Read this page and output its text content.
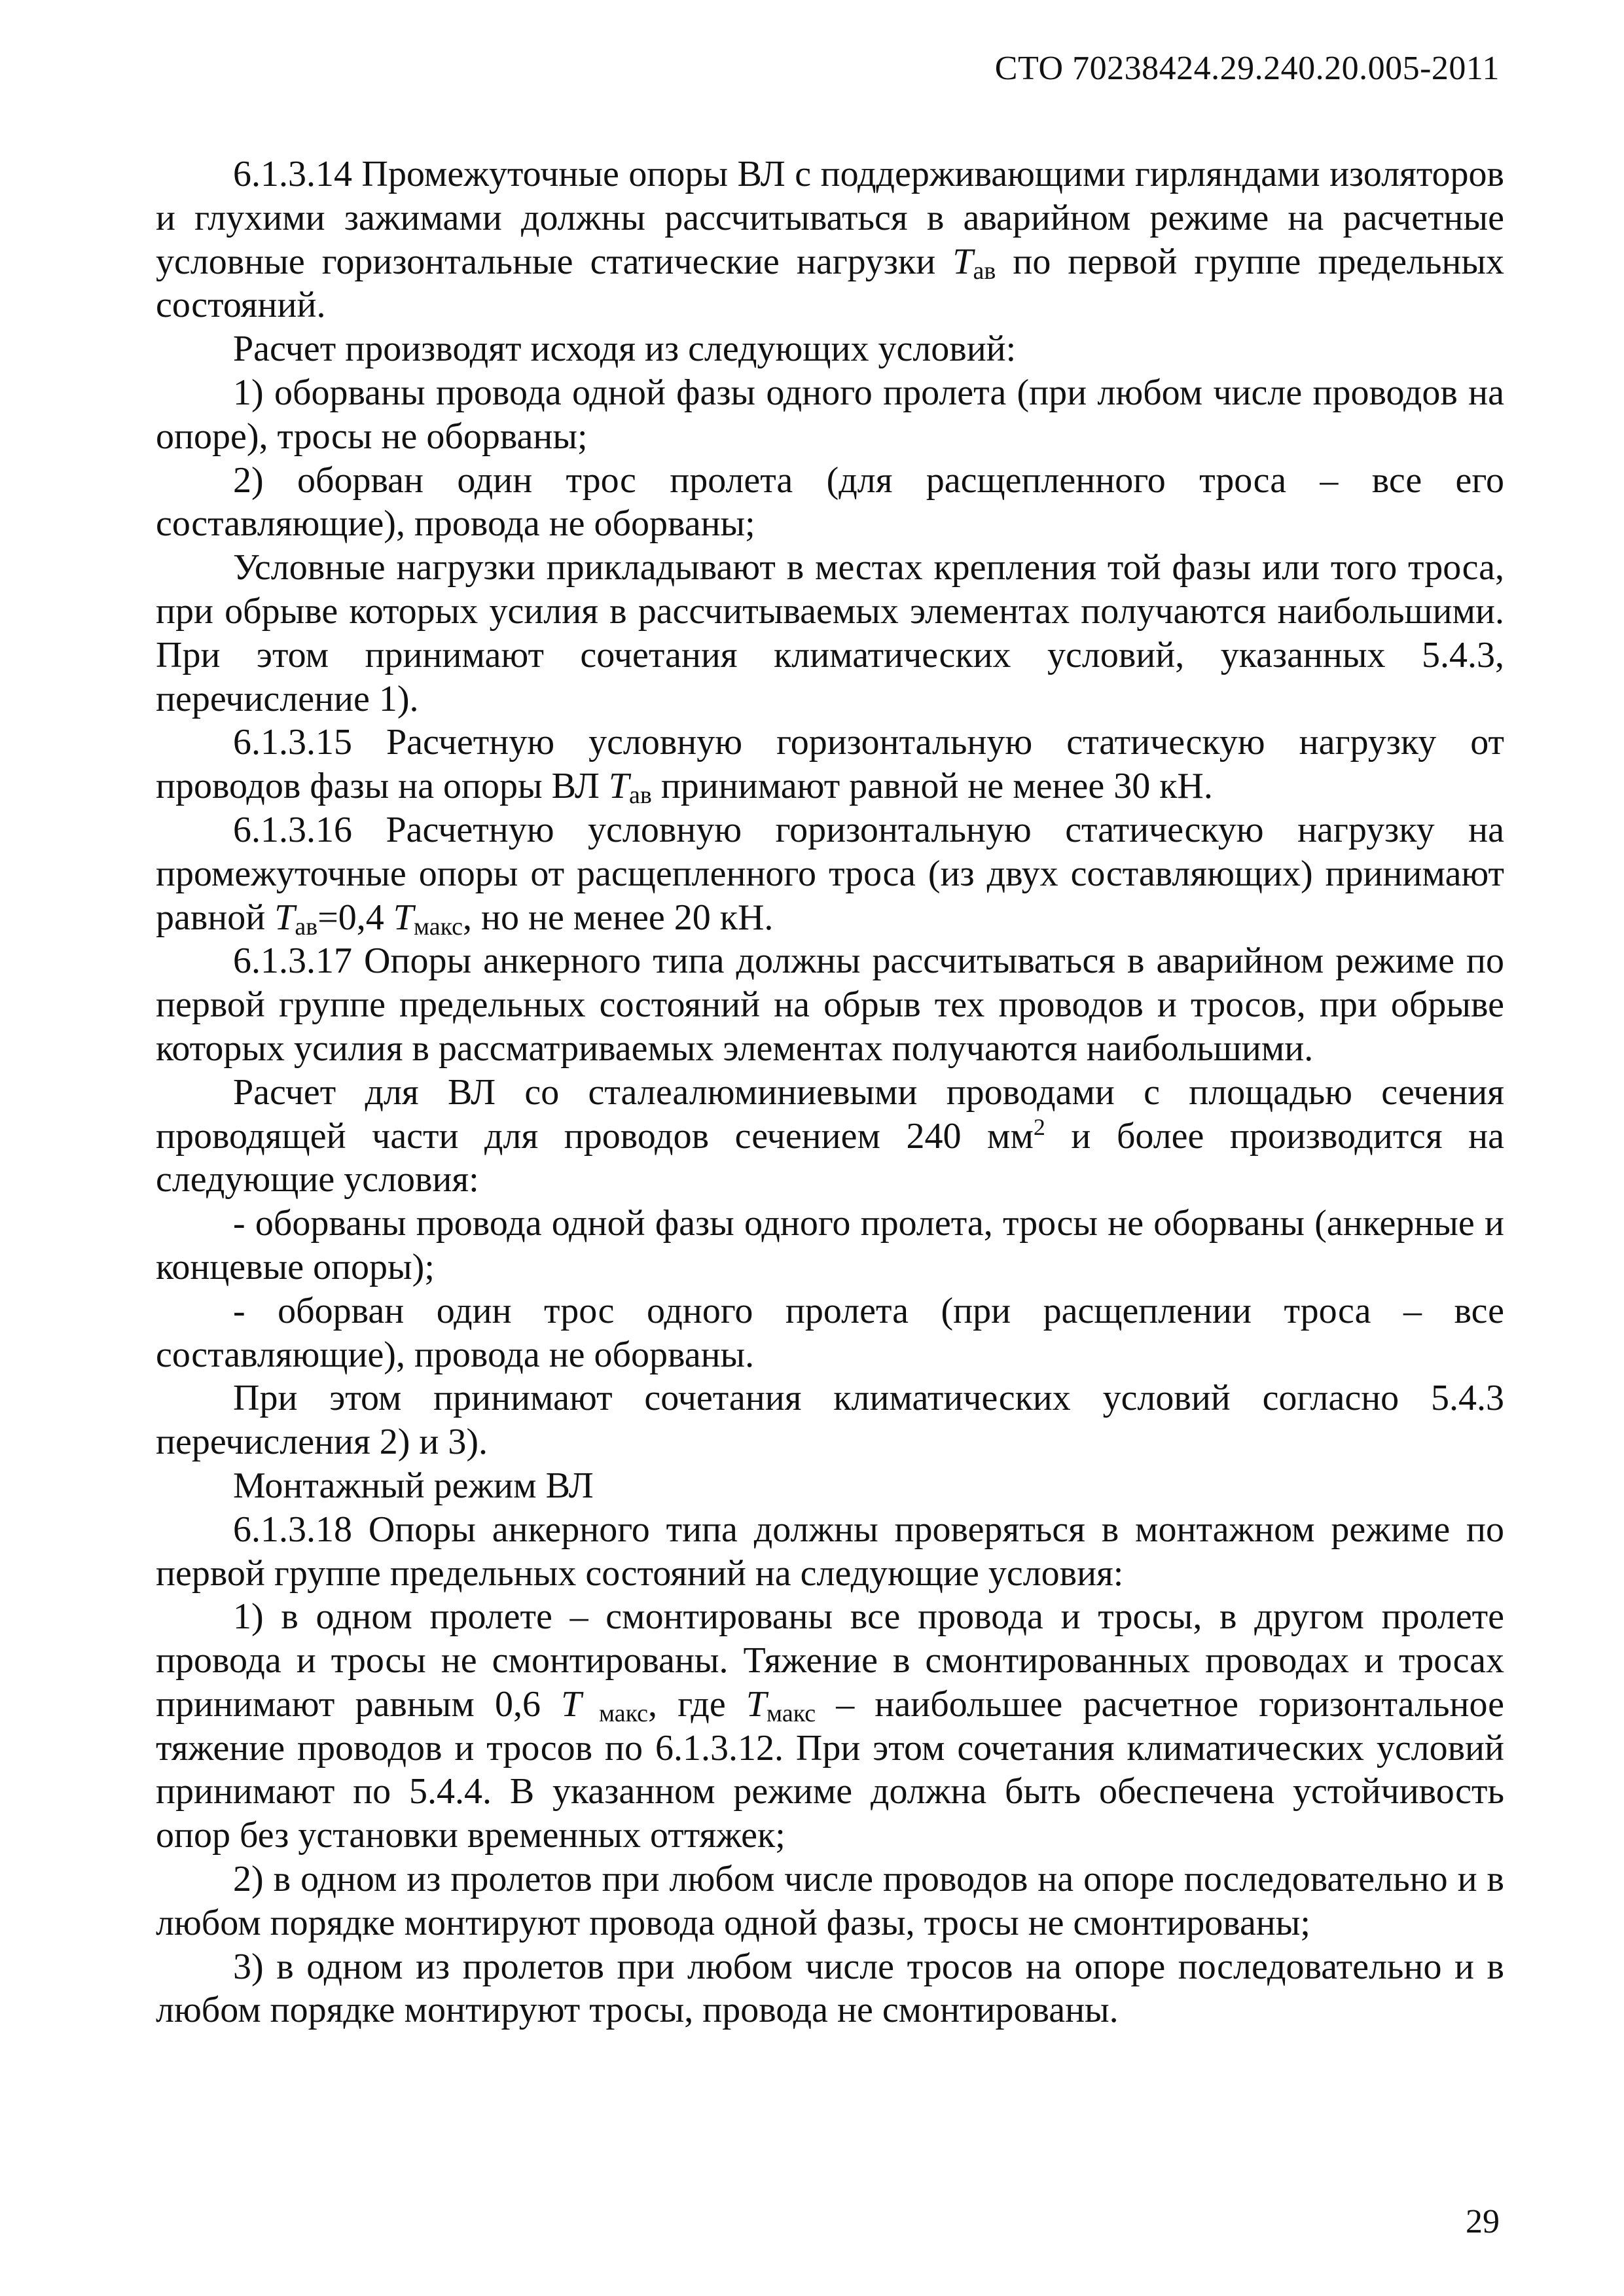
СТО 70238424.29.240.20.005-2011

6.1.3.14 Промежуточные опоры ВЛ с поддерживающими гирляндами изоляторов и глухими зажимами должны рассчитываться в аварийном режиме на расчетные условные горизонтальные статические нагрузки $T_{ав}$ по первой группе предельных состояний.

Расчет производят исходя из следующих условий:

1) оборваны провода одной фазы одного пролета (при любом числе проводов на опоре), тросы не оборваны;

2) оборван один трос пролета (для расщепленного троса – все его составляющие), провода не оборваны;

Условные нагрузки прикладывают в местах крепления той фазы или того троса, при обрыве которых усилия в рассчитываемых элементах получаются наибольшими. При этом принимают сочетания климатических условий, указанных 5.4.3, перечисление 1).

6.1.3.15 Расчетную условную горизонтальную статическую нагрузку от проводов фазы на опоры ВЛ $T_{ав}$ принимают равной не менее 30 кН.

6.1.3.16 Расчетную условную горизонтальную статическую нагрузку на промежуточные опоры от расщепленного троса (из двух составляющих) принимают равной $T_{ав}=0,4$ $T_{макс}$, но не менее 20 кН.

6.1.3.17 Опоры анкерного типа должны рассчитываться в аварийном режиме по первой группе предельных состояний на обрыв тех проводов и тросов, при обрыве которых усилия в рассматриваемых элементах получаются наибольшими.

Расчет для ВЛ со сталеалюминиевыми проводами с площадью сечения проводящей части для проводов сечением 240 $мм^2$ и более производится на следующие условия:

- оборваны провода одной фазы одного пролета, тросы не оборваны (анкерные и концевые опоры);

- оборван один трос одного пролета (при расщеплении троса – все составляющие), провода не оборваны.

При этом принимают сочетания климатических условий согласно 5.4.3 перечисления 2) и 3).

Монтажный режим ВЛ

6.1.3.18 Опоры анкерного типа должны проверяться в монтажном режиме по первой группе предельных состояний на следующие условия:

1) в одном пролете – смонтированы все провода и тросы, в другом пролете провода и тросы не смонтированы. Тяжение в смонтированных проводах и тросах принимают равным 0,6 T $_{макс}$, где $T_{макс}$ – наибольшее расчетное горизонтальное тяжение проводов и тросов по 6.1.3.12. При этом сочетания климатических условий принимают по 5.4.4. В указанном режиме должна быть обеспечена устойчивость опор без установки временных оттяжек;

2) в одном из пролетов при любом числе проводов на опоре последовательно и в любом порядке монтируют провода одной фазы, тросы не смонтированы;

3) в одном из пролетов при любом числе тросов на опоре последовательно и в любом порядке монтируют тросы, провода не смонтированы.

29
